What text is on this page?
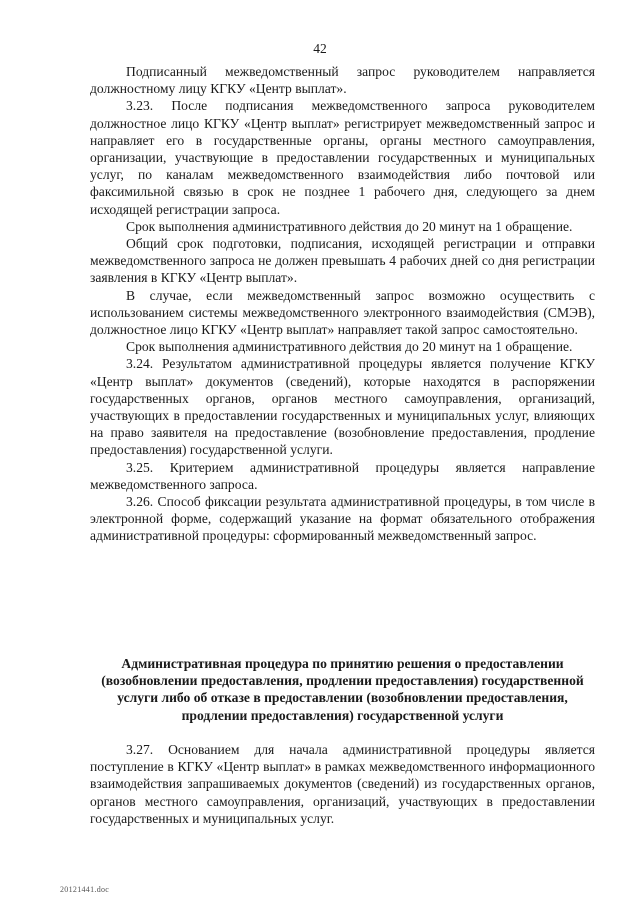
42

Подписанный межведомственный запрос руководителем направляется должностному лицу КГКУ «Центр выплат».

3.23. После подписания межведомственного запроса руководителем должностное лицо КГКУ «Центр выплат» регистрирует межведомственный запрос и направляет его в государственные органы, органы местного самоуправления, организации, участвующие в предоставлении государственных и муниципальных услуг, по каналам межведомственного взаимодействия либо почтовой или факсимильной связью в срок не позднее 1 рабочего дня, следующего за днем исходящей регистрации запроса.

Срок выполнения административного действия до 20 минут на 1 обращение.

Общий срок подготовки, подписания, исходящей регистрации и отправки межведомственного запроса не должен превышать 4 рабочих дней со дня регистрации заявления в КГКУ «Центр выплат».

В случае, если межведомственный запрос возможно осуществить с использованием системы межведомственного электронного взаимодействия (СМЭВ), должностное лицо КГКУ «Центр выплат» направляет такой запрос самостоятельно.

Срок выполнения административного действия до 20 минут на 1 обращение.

3.24. Результатом административной процедуры является получение КГКУ «Центр выплат» документов (сведений), которые находятся в распоряжении государственных органов, органов местного самоуправления, организаций, участвующих в предоставлении государственных и муниципальных услуг, влияющих на право заявителя на предоставление (возобновление предоставления, продление предоставления) государственной услуги.

3.25. Критерием административной процедуры является направление межведомственного запроса.

3.26. Способ фиксации результата административной процедуры, в том числе в электронной форме, содержащий указание на формат обязательного отображения административной процедуры: сформированный межведомственный запрос.

Административная процедура по принятию решения о предоставлении (возобновлении предоставления, продлении предоставления) государственной услуги либо об отказе в предоставлении (возобновлении предоставления, продлении предоставления) государственной услуги

3.27. Основанием для начала административной процедуры является поступление в КГКУ «Центр выплат» в рамках межведомственного информационного взаимодействия запрашиваемых документов (сведений) из государственных органов, органов местного самоуправления, организаций, участвующих в предоставлении государственных и муниципальных услуг.

20121441.doc
